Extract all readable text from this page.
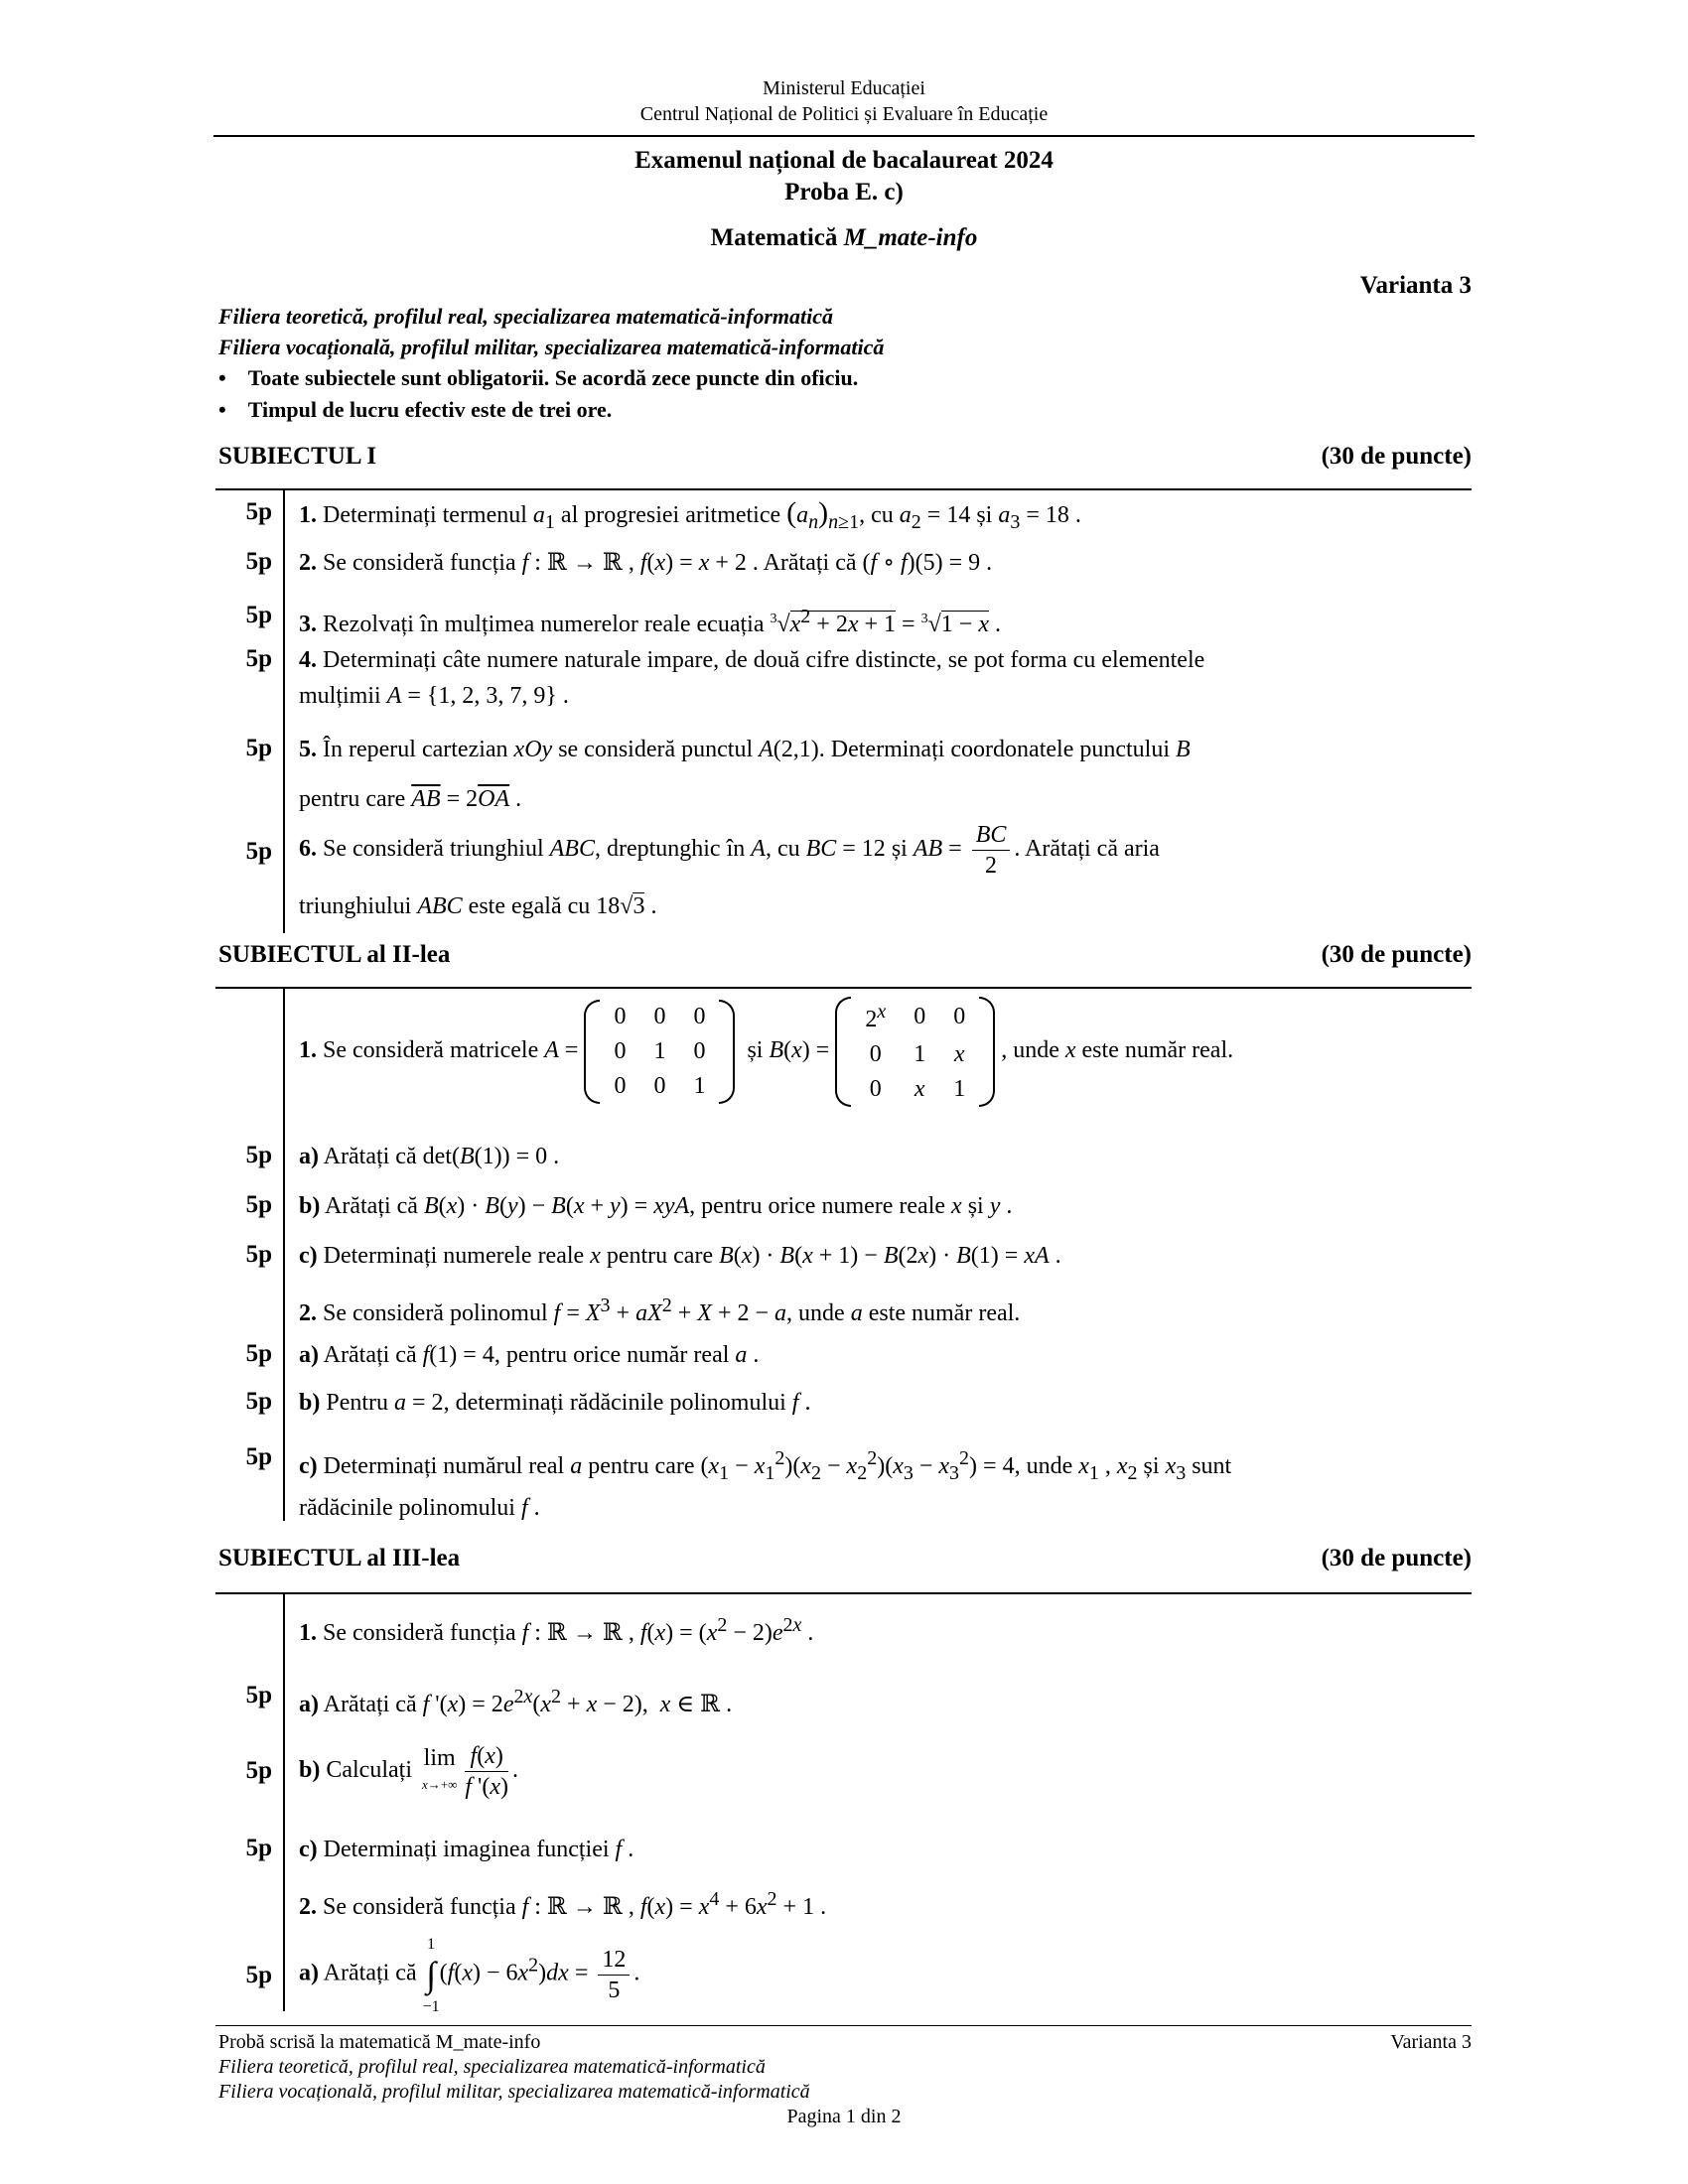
Ministerul Educației
Centrul Național de Politici și Evaluare în Educație
Examenul național de bacalaureat 2024
Proba E. c)
Matematică M_mate-info
Varianta 3
Filiera teoretică, profilul real, specializarea matematică-informatică
Filiera vocațională, profilul militar, specializarea matematică-informatică
•    Toate subiectele sunt obligatorii. Se acordă zece puncte din oficiu.
•    Timpul de lucru efectiv este de trei ore.
SUBIECTUL I	(30 de puncte)
5p 1. Determinați termenul $a_1$ al progresiei aritmetice $(a_n)_{n\ge 1}$, cu $a_2 = 14$ și $a_3 = 18$ .
5p 2. Se consideră funcția f : ℝ → ℝ , f(x) = x + 2 . Arătați că (f ∘ f)(5) = 9 .
5p 3. Rezolvați în mulțimea numerelor reale ecuația $^3√x^2 + 2x + 1 = ^3√1 - x$ .
5p 4. Determinați câte numere naturale impare, de două cifre distincte, se pot forma cu elementele
mulțimii A = {1, 2, 3, 7, 9} .
5p 5. În reperul cartezian xOy se consideră punctul A(2,1). Determinați coordonatele punctului B
pentru care $\overline{AB} = 2\overline{OA}$ .
5p 6. Se consideră triunghiul ABC, dreptunghic în A, cu BC = 12 și AB = $\frac{BC}{2}$ . Arătați că aria
triunghiului ABC este egală cu 18√3 .
SUBIECTUL al II-lea	(30 de puncte)
1. Se consideră matricele A =
0	0	0
0	1	0
0	0	1
și B(x) =
$2^x$	0	0
0	1	x
0	x	1
, unde x este număr real.
5p a) Arătați că det(B(1)) = 0 .
5p b) Arătați că B(x) · B(y) − B(x + y) = xyA, pentru orice numere reale x și y .
5p c) Determinați numerele reale x pentru care B(x) · B(x + 1) − B(2x) · B(1) = xA .
2. Se consideră polinomul $f = X^3 + aX^2 + X + 2 - a$, unde a este număr real.
5p a) Arătați că f(1) = 4, pentru orice număr real a .
5p b) Pentru a = 2, determinați rădăcinile polinomului f .
5p c) Determinați numărul real a pentru care $(x_1 - x_1^2)(x_2 - x_2^2)(x_3 - x_3^2) = 4$, unde $x_1$ , $x_2$ și $x_3$ sunt
rădăcinile polinomului f .
SUBIECTUL al III-lea	(30 de puncte)
1. Se consideră funcția f : ℝ → ℝ , $f(x) = (x^2 - 2)e^{2x}$ .
5p a) Arătați că f '$(x) = 2e^{2x}(x^2 + x - 2)$,  x ∈ ℝ .
5p b) Calculați lim
$x\to+\infty \frac{f(x)}{f '(x)}$ .
5p c) Determinați imaginea funcției f .
2. Se consideră funcția f : ℝ → ℝ , $f(x) = x^4 + 6x^2 + 1$ .
5p a) Arătați că 1
∫
$-1(f(x) - 6x^2)dx = \frac{12}{5}$ .
Probă scrisă la matematică M_mate-info	Varianta 3
Filiera teoretică, profilul real, specializarea matematică-informatică
Filiera vocațională, profilul militar, specializarea matematică-informatică
Pagina 1 din 2
